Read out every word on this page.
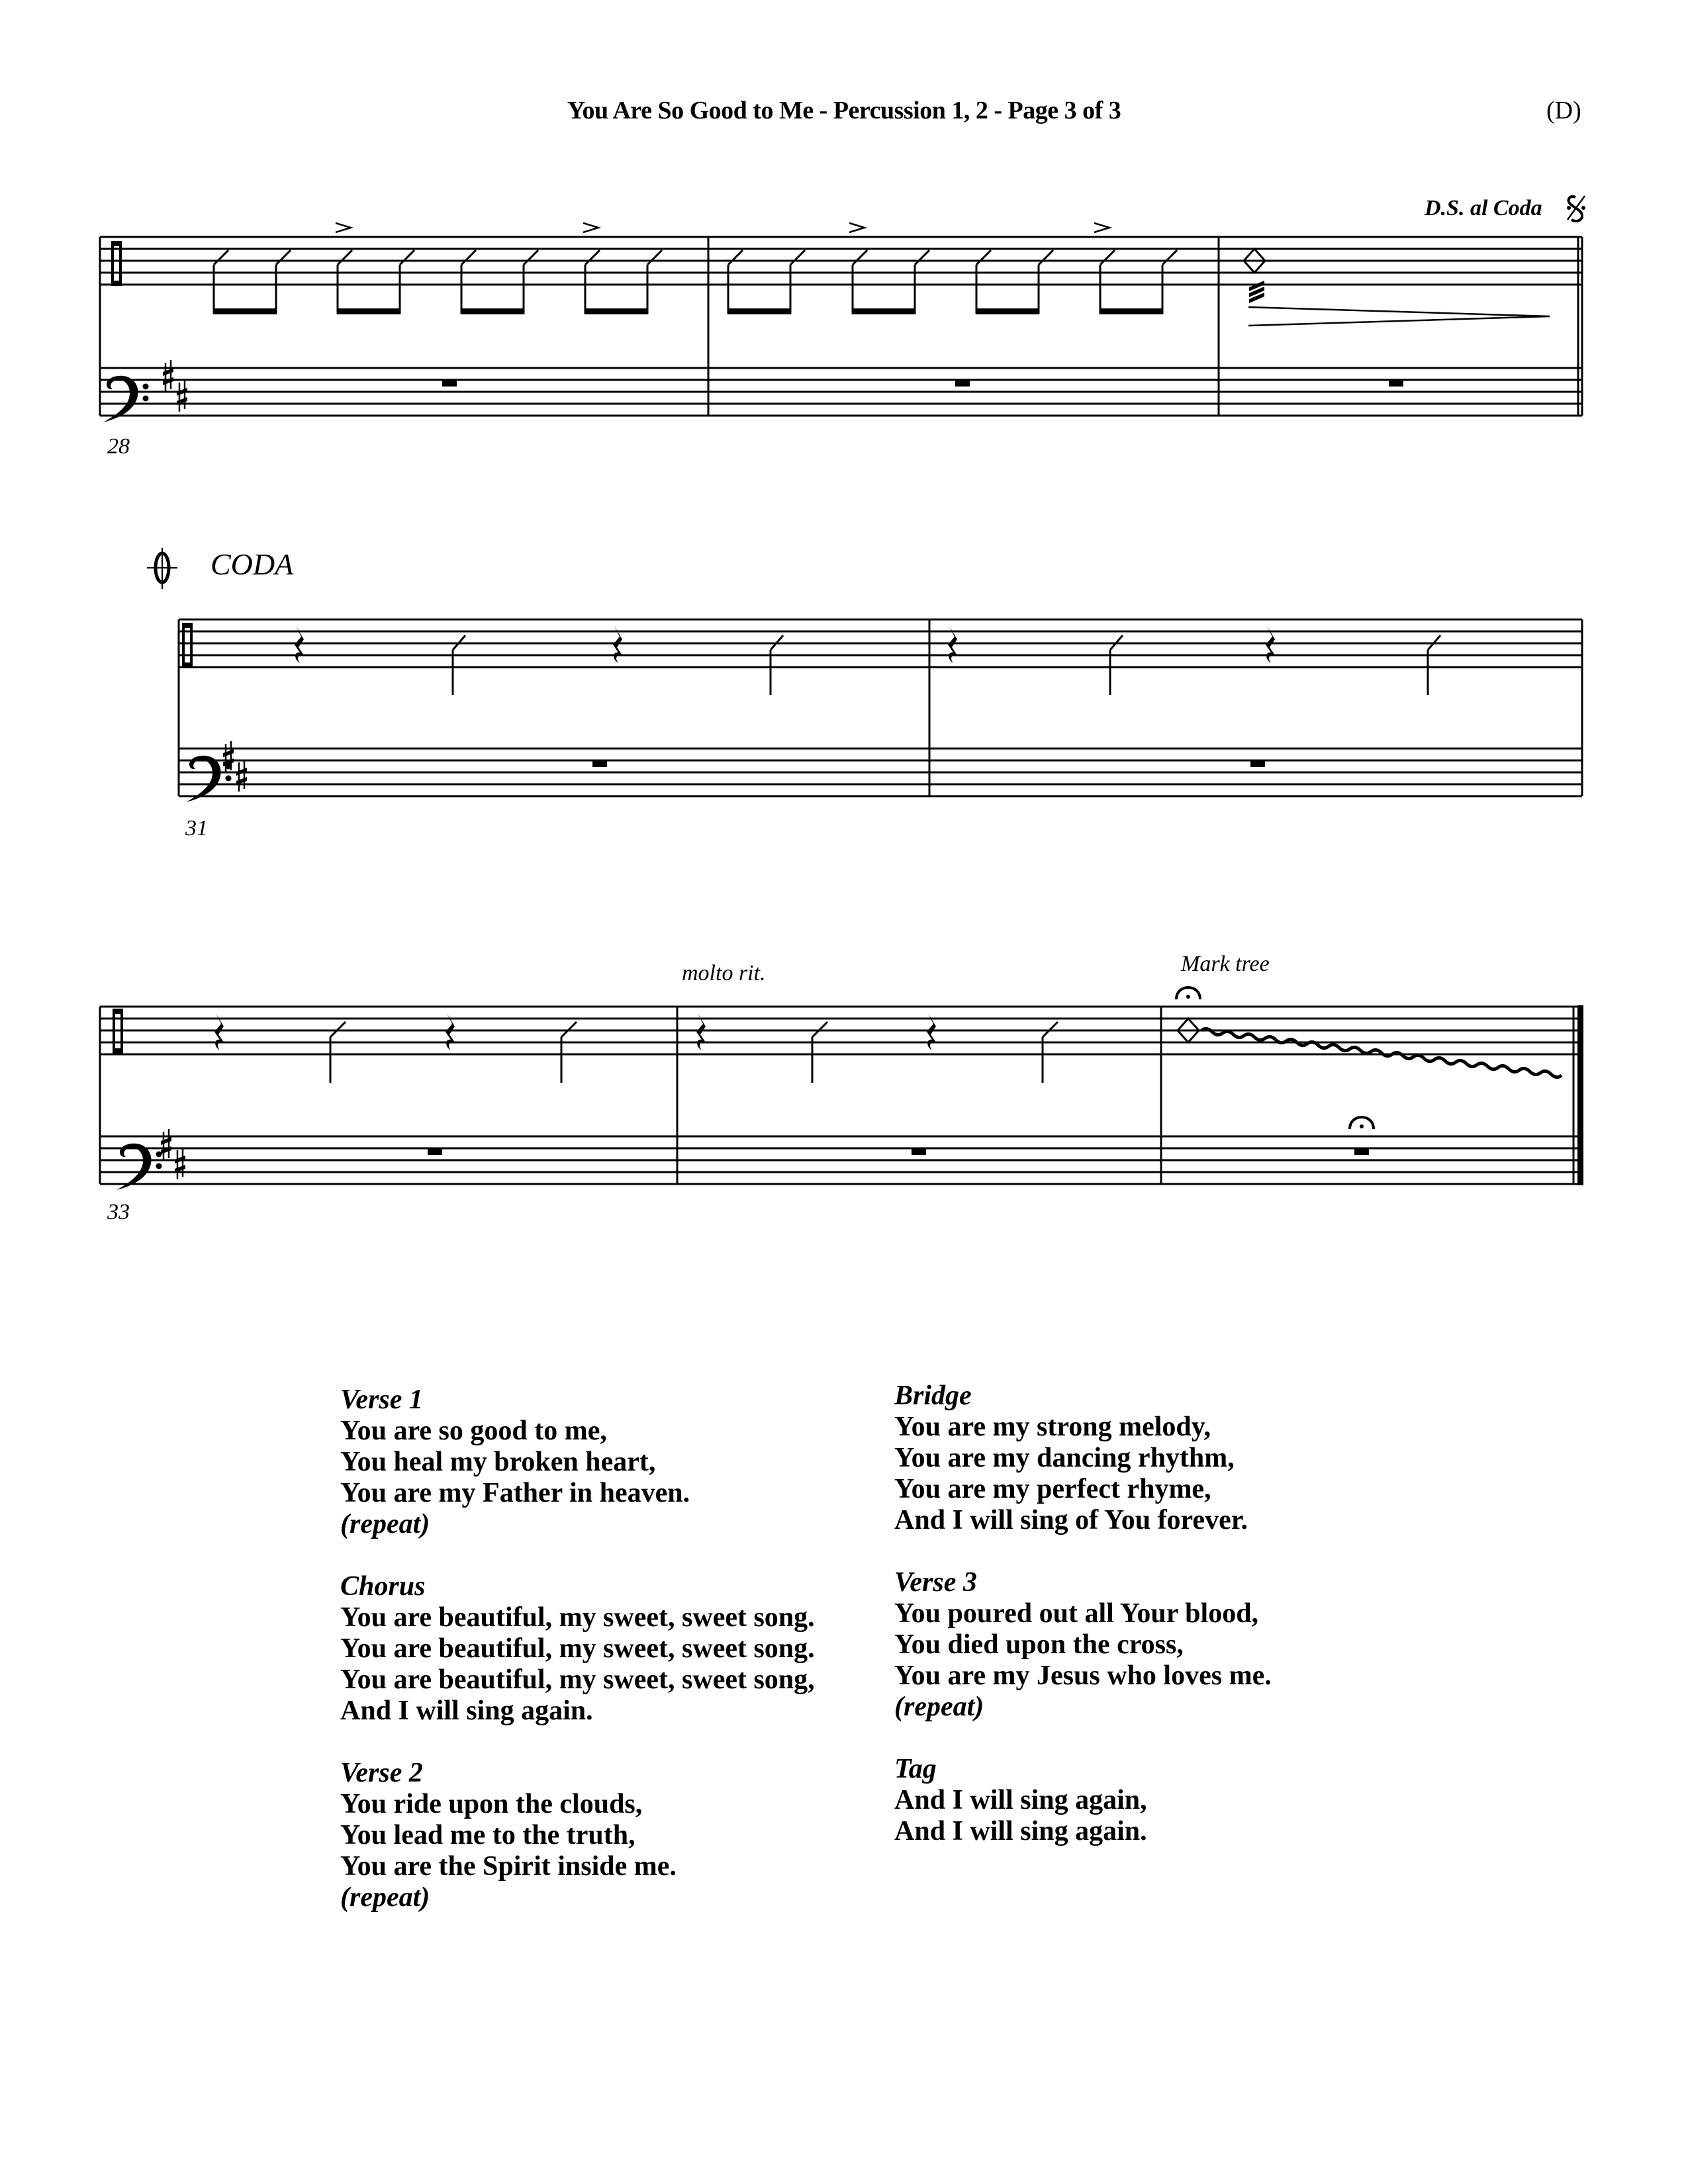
You Are So Good to Me - Percussion 1, 2 - Page 3 of 3	(D)
D.S. al Coda
28
CODA
31
molto rit.	Mark tree
33
Verse 1
You are so good to me,
You heal my broken heart,
You are my Father in heaven.
(repeat)
Chorus
You are beautiful, my sweet, sweet song.
You are beautiful, my sweet, sweet song.
You are beautiful, my sweet, sweet song,
And I will sing again.
Verse 2
You ride upon the clouds,
You lead me to the truth,
You are the Spirit inside me.
(repeat)
Bridge
You are my strong melody,
You are my dancing rhythm,
You are my perfect rhyme,
And I will sing of You forever.
Verse 3
You poured out all Your blood,
You died upon the cross,
You are my Jesus who loves me.
(repeat)
Tag
And I will sing again,
And I will sing again.
